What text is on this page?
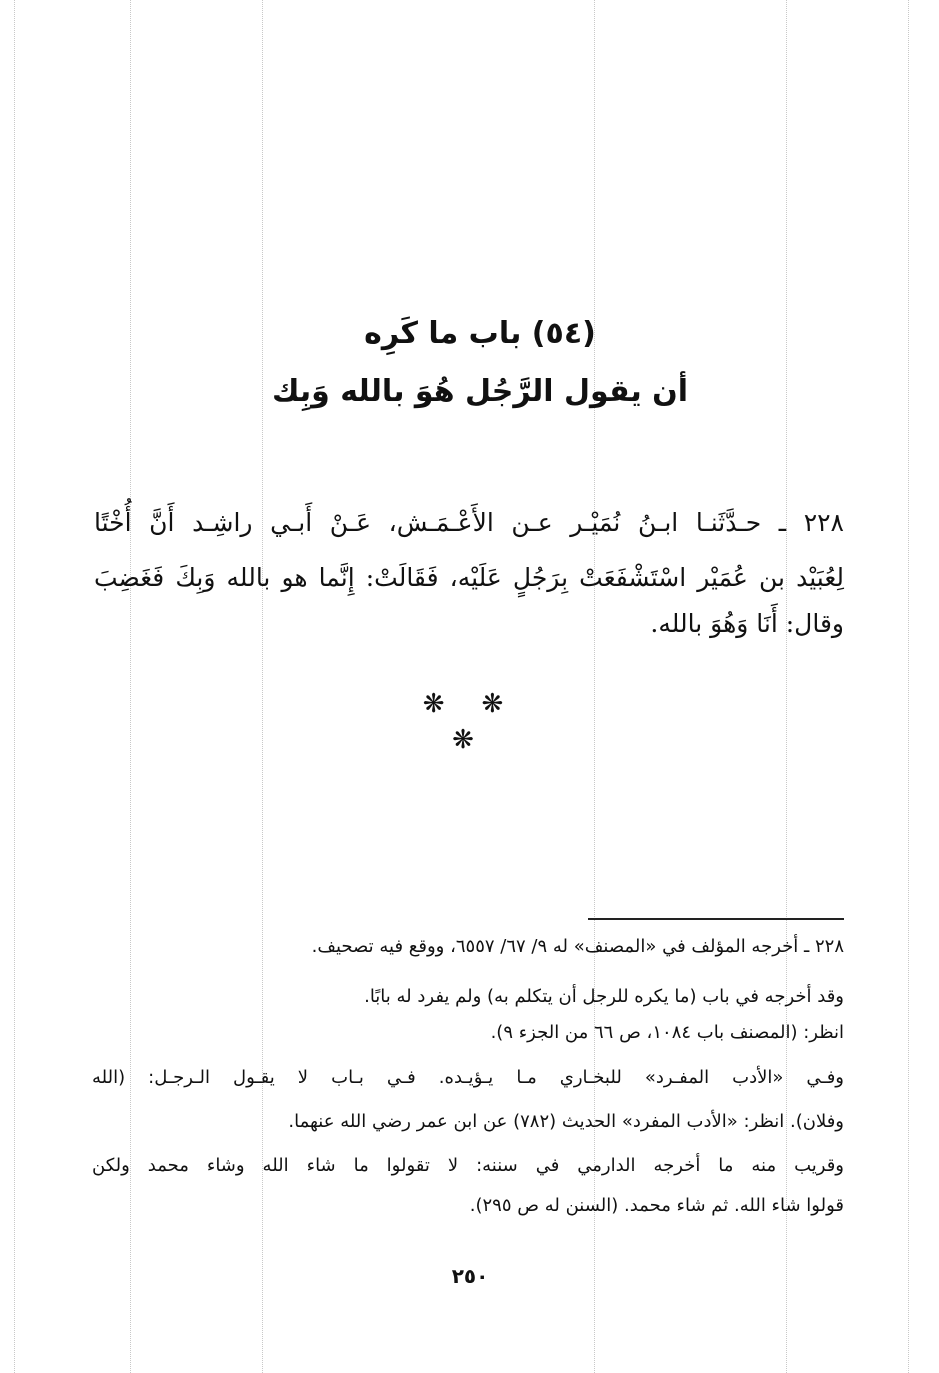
(٥٤) باب ما كَرِه
أن يقول الرَّجُل هُوَ بالله وَبِك
٢٢٨ ـ حـدَّثَنـا ابـنُ نُمَيْـر عـن الأَعْـمَـش، عَـنْ أَبـي راشِـد أَنَّ أُخْتًا
لِعُبَيْد بن عُمَيْر اسْتَشْفَعَتْ بِرَجُلٍ عَلَيْه، فَقَالَتْ: إِنَّما هو بالله وَبِكَ فَغَضِبَ
وقال: أَنَا وَهُوَ بالله.
❋ ❋ ❋
٢٢٨ ـ أخرجه المؤلف في «المصنف» له ٩/ ٦٧/ ٦٥٥٧، ووقع فيه تصحيف.
وقد أخرجه في باب (ما يكره للرجل أن يتكلم به) ولم يفرد له بابًا.
انظر: (المصنف باب ١٠٨٤، ص ٦٦ من الجزء ٩).
وفـي «الأدب المفـرد» للبخـاري مـا يـؤيـده. فـي بـاب لا يقـول الـرجـل: (الله
وفلان). انظر: «الأدب المفرد» الحديث (٧٨٢) عن ابن عمر رضي الله عنهما.
وقريب منه ما أخرجه الدارمي في سننه: لا تقولوا ما شاء الله وشاء محمد ولكن
قولوا شاء الله. ثم شاء محمد. (السنن له ص ٢٩٥).
٢٥٠
